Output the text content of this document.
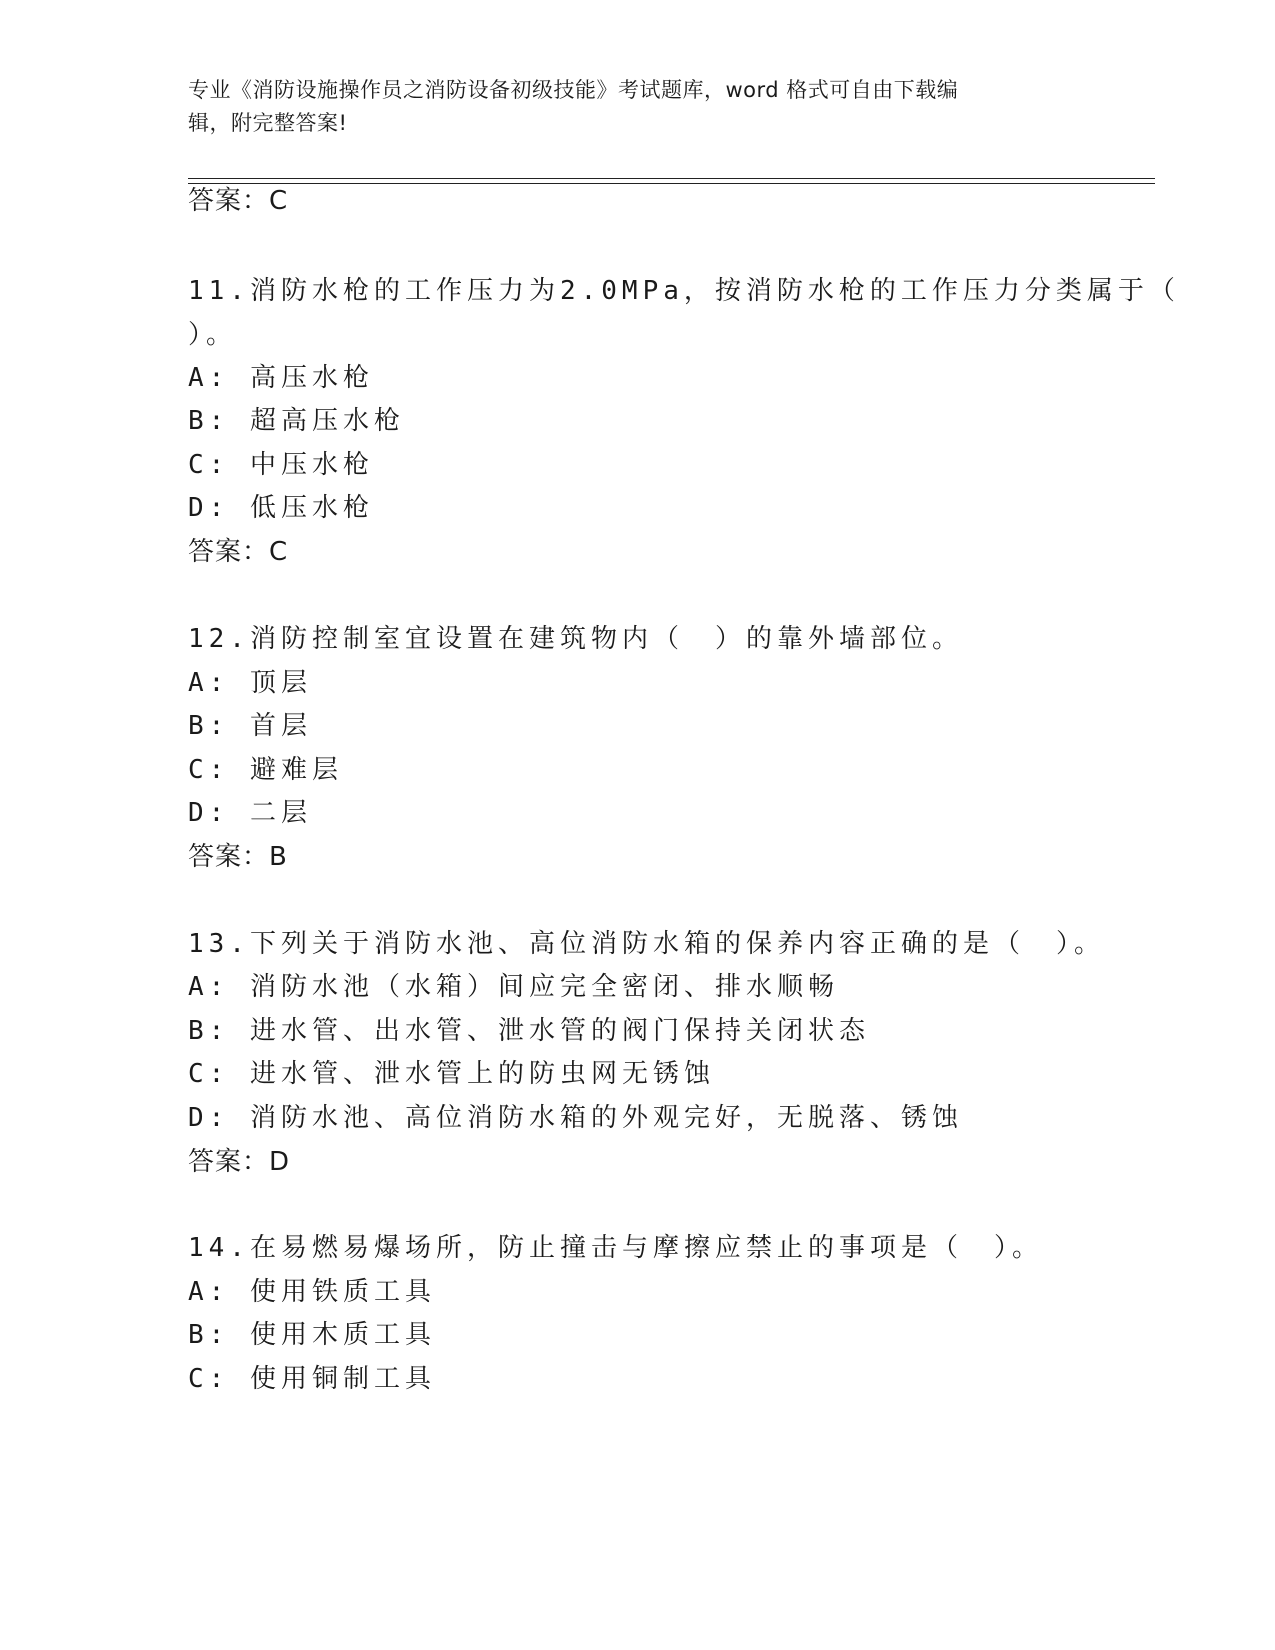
专业《消防设施操作员之消防设备初级技能》考试题库，word 格式可自由下载编
辑，附完整答案!
答案：C
11.消防水枪的工作压力为2.0MPa，按消防水枪的工作压力分类属于（
）。
A: 高压水枪
B: 超高压水枪
C: 中压水枪
D: 低压水枪
答案：C
12.消防控制室宜设置在建筑物内（　）的靠外墙部位。
A: 顶层
B: 首层
C: 避难层
D: 二层
答案：B
13.下列关于消防水池、高位消防水箱的保养内容正确的是（　）。
A: 消防水池（水箱）间应完全密闭、排水顺畅
B: 进水管、出水管、泄水管的阀门保持关闭状态
C: 进水管、泄水管上的防虫网无锈蚀
D: 消防水池、高位消防水箱的外观完好，无脱落、锈蚀
答案：D
14.在易燃易爆场所，防止撞击与摩擦应禁止的事项是（　）。
A: 使用铁质工具
B: 使用木质工具
C: 使用铜制工具
